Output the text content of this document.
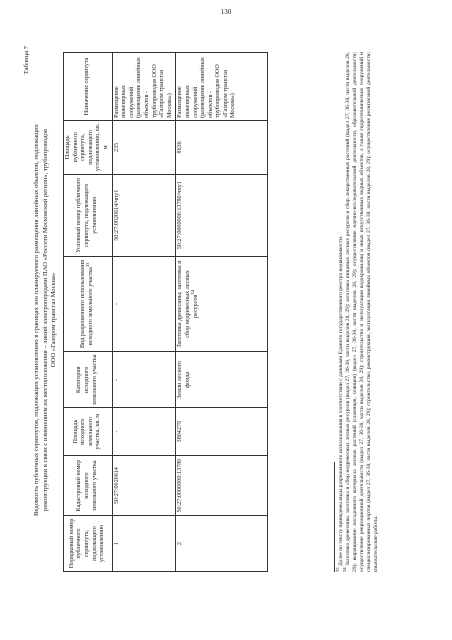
130
Таблица 7
Ведомость публичных сервитутов, подлежащих установлению в границах зон планируемого размещения линейных объектов, подлежащих реконструкции в связи с изменением их местоположения – линий электропередачи ПАО «Россети Московский регион», трубопроводов ООО «Газпром трансгаз Москва»
Порядковый номер публичного сервитута, подлежащего установлению	Кадастровый номер исходного земельного участка	Площадь исходного земельного участка, кв. м	Категория исходного земельного участка	Вид разрешенного использования исходного земельного участка$^{33}$	Условный номер публичного сервитута, подлежащего установлению	Площадь публичного сервитута, подлежащего установлению, кв. м	Назначение сервитута
1	50:27:0020614	-	-	-	50:27:0020614/чпу1	235	Размещение инженерных сооружений (размещение линейных объектов - трубопроводов ООО «Газпром трансгаз Москва»)
2	50:27:0000000:13780	3804279	Земли лесного фонда	Заготовка древесины; заготовка и сбор недревесных лесных ресурсов$^{34}$	50:27:0000000:13780/чпу1	8636	Размещение инженерных сооружений (размещение линейных объектов - трубопроводов ООО «Газпром трансгаз Москва»)
$^{33}$ Далее по тексту приведены виды разрешенного использования в соответствии с данными Единого государственного реестра недвижимости.
$^{34}$ Заготовка древесины, заготовка и сбор недревесных лесных ресурсов (выдел 27, 36-38, части выделов 28, 29); заготовка пищевых лесных ресурсов и сбор лекарственных растений (выдел 27, 36-38, части выделов 28, 29); выращивание посадочного материала лесных растений (саженцев, сеянцев) (выдел 27, 36-38, части выделов 28, 29); осуществление научно-исследовательской деятельности, образовательной деятельности; осуществление рекреационной деятельности (выдел 27, 36-38, части выделов 28, 29); строительство и эксплуатация водохранилищ и иных искусственных водных объектов, а также гидротехнических сооружений и специализированных портов (выдел 27, 36-38, части выделов 28, 29); строительство, реконструкция, эксплуатация линейных объектов (выдел 27, 36-38, части выделов 28, 29); осуществление религиозной деятельности; изыскательские работы.
